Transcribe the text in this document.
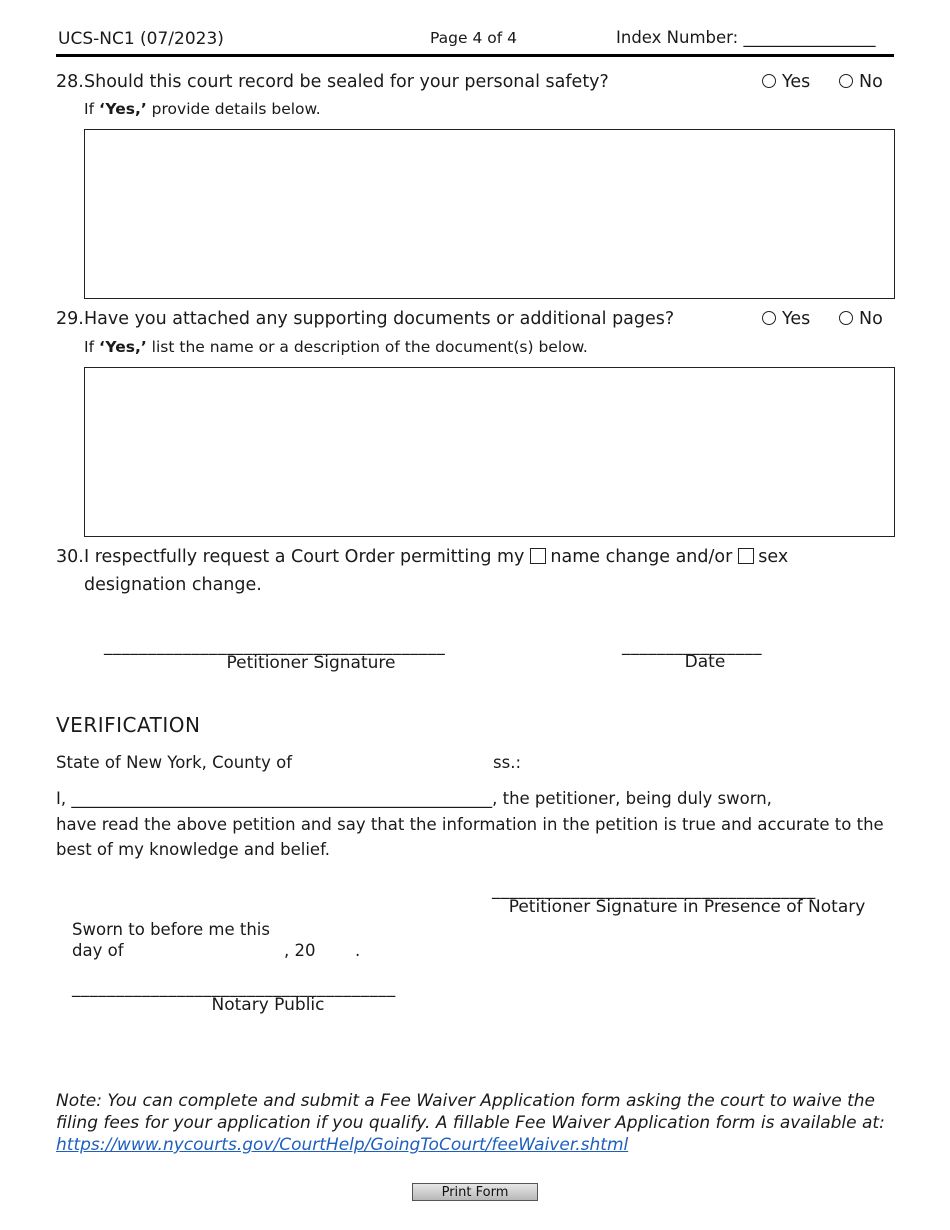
UCS-NC1 (07/2023)	Page 4 of 4	Index Number: ________________
28. Should this court record be sealed for your personal safety?	Yes	No
If ‘Yes,’ provide details below.
29. Have you attached any supporting documents or additional pages?	Yes	No
If ‘Yes,’ list the name or a description of the document(s) below.
30. I respectfully request a Court Order permitting my name change and/or sex
designation change.
_______________________________________
Petitioner Signature
________________
Date
VERIFICATION
State of New York, County of	ss.:
I, ___________________________________________________, the petitioner, being duly sworn,
have read the above petition and say that the information in the petition is true and accurate to the
best of my knowledge and belief.
_____________________________________
Petitioner Signature in Presence of Notary
Sworn to before me this
day of	, 20 .
_____________________________________
Notary Public
Note: You can complete and submit a Fee Waiver Application form asking the court to waive the filing fees for your application if you qualify. A fillable Fee Waiver Application form is available at:
https://www.nycourts.gov/CourtHelp/GoingToCourt/feeWaiver.shtml
Print Form
